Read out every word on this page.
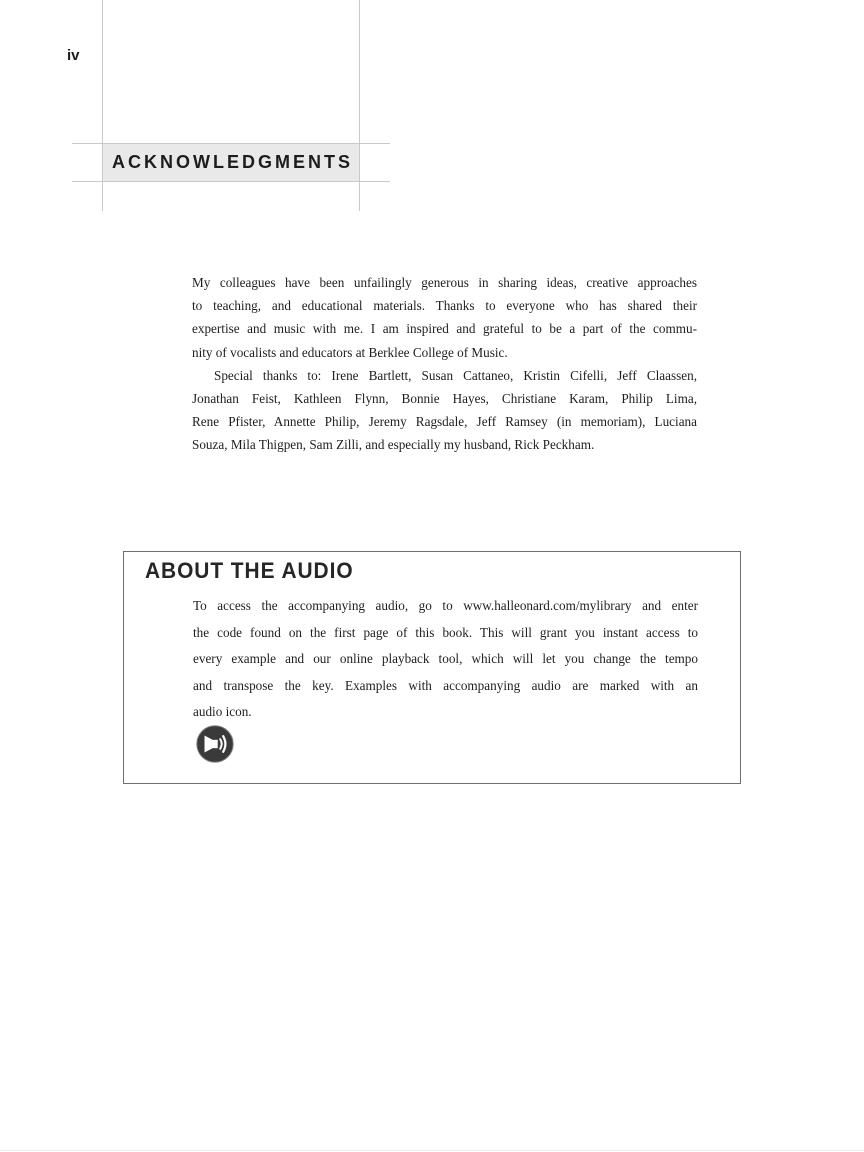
iv
ACKNOWLEDGMENTS
My colleagues have been unfailingly generous in sharing ideas, creative approaches
to teaching, and educational materials. Thanks to everyone who has shared their
expertise and music with me. I am inspired and grateful to be a part of the commu-
nity of vocalists and educators at Berklee College of Music.
Special thanks to: Irene Bartlett, Susan Cattaneo, Kristin Cifelli, Jeff Claassen,
Jonathan Feist, Kathleen Flynn, Bonnie Hayes, Christiane Karam, Philip Lima,
Rene Pfister, Annette Philip, Jeremy Ragsdale, Jeff Ramsey (in memoriam), Luciana
Souza, Mila Thigpen, Sam Zilli, and especially my husband, Rick Peckham.
ABOUT THE AUDIO
To access the accompanying audio, go to www.halleonard.com/mylibrary and enter
the code found on the first page of this book. This will grant you instant access to
every example and our online playback tool, which will let you change the tempo
and transpose the key. Examples with accompanying audio are marked with an
audio icon.
